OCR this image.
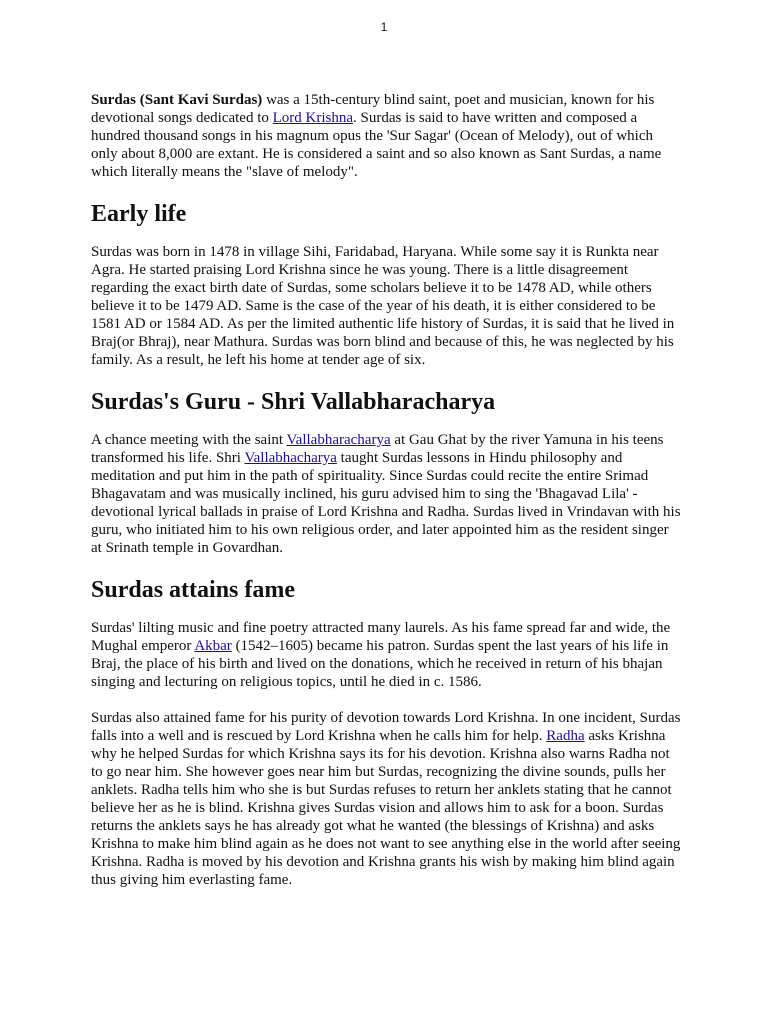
1

Surdas (Sant Kavi Surdas) was a 15th-century blind saint, poet and musician, known for his devotional songs dedicated to Lord Krishna. Surdas is said to have written and composed a hundred thousand songs in his magnum opus the 'Sur Sagar' (Ocean of Melody), out of which only about 8,000 are extant. He is considered a saint and so also known as Sant Surdas, a name which literally means the "slave of melody".

Early life

Surdas was born in 1478 in village Sihi, Faridabad, Haryana. While some say it is Runkta near Agra. He started praising Lord Krishna since he was young. There is a little disagreement regarding the exact birth date of Surdas, some scholars believe it to be 1478 AD, while others believe it to be 1479 AD. Same is the case of the year of his death, it is either considered to be 1581 AD or 1584 AD. As per the limited authentic life history of Surdas, it is said that he lived in Braj(or Bhraj), near Mathura. Surdas was born blind and because of this, he was neglected by his family. As a result, he left his home at tender age of six.

Surdas's Guru - Shri Vallabharacharya

A chance meeting with the saint Vallabharacharya at Gau Ghat by the river Yamuna in his teens transformed his life. Shri Vallabhacharya taught Surdas lessons in Hindu philosophy and meditation and put him in the path of spirituality. Since Surdas could recite the entire Srimad Bhagavatam and was musically inclined, his guru advised him to sing the 'Bhagavad Lila' - devotional lyrical ballads in praise of Lord Krishna and Radha. Surdas lived in Vrindavan with his guru, who initiated him to his own religious order, and later appointed him as the resident singer at Srinath temple in Govardhan.

Surdas attains fame

Surdas' lilting music and fine poetry attracted many laurels. As his fame spread far and wide, the Mughal emperor Akbar (1542–1605) became his patron. Surdas spent the last years of his life in Braj, the place of his birth and lived on the donations, which he received in return of his bhajan singing and lecturing on religious topics, until he died in c. 1586.

Surdas also attained fame for his purity of devotion towards Lord Krishna. In one incident, Surdas falls into a well and is rescued by Lord Krishna when he calls him for help. Radha asks Krishna why he helped Surdas for which Krishna says its for his devotion. Krishna also warns Radha not to go near him. She however goes near him but Surdas, recognizing the divine sounds, pulls her anklets. Radha tells him who she is but Surdas refuses to return her anklets stating that he cannot believe her as he is blind. Krishna gives Surdas vision and allows him to ask for a boon. Surdas returns the anklets says he has already got what he wanted (the blessings of Krishna) and asks Krishna to make him blind again as he does not want to see anything else in the world after seeing Krishna. Radha is moved by his devotion and Krishna grants his wish by making him blind again thus giving him everlasting fame.
